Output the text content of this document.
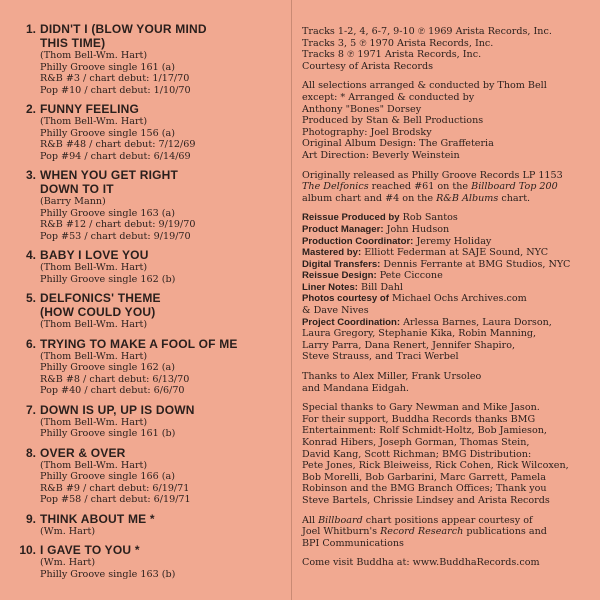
1. DIDN'T I (BLOW YOUR MIND
THIS TIME)
(Thom Bell-Wm. Hart)
Philly Groove single 161 (a)
R&B #3 / chart debut: 1/17/70
Pop #10 / chart debut: 1/10/70
2. FUNNY FEELING
(Thom Bell-Wm. Hart)
Philly Groove single 156 (a)
R&B #48 / chart debut: 7/12/69
Pop #94 / chart debut: 6/14/69
3. WHEN YOU GET RIGHT
DOWN TO IT
(Barry Mann)
Philly Groove single 163 (a)
R&B #12 / chart debut: 9/19/70
Pop #53 / chart debut: 9/19/70
4. BABY I LOVE YOU
(Thom Bell-Wm. Hart)
Philly Groove single 162 (b)
5. DELFONICS' THEME
(HOW COULD YOU)
(Thom Bell-Wm. Hart)
6. TRYING TO MAKE A FOOL OF ME
(Thom Bell-Wm. Hart)
Philly Groove single 162 (a)
R&B #8 / chart debut: 6/13/70
Pop #40 / chart debut: 6/6/70
7. DOWN IS UP, UP IS DOWN
(Thom Bell-Wm. Hart)
Philly Groove single 161 (b)
8. OVER & OVER
(Thom Bell-Wm. Hart)
Philly Groove single 166 (a)
R&B #9 / chart debut: 6/19/71
Pop #58 / chart debut: 6/19/71
9. THINK ABOUT ME *
(Wm. Hart)
10. I GAVE TO YOU *
(Wm. Hart)
Philly Groove single 163 (b)
Tracks 1-2, 4, 6-7, 9-10 ℗ 1969 Arista Records, Inc.
Tracks 3, 5 ℗ 1970 Arista Records, Inc.
Tracks 8 ℗ 1971 Arista Records, Inc.
Courtesy of Arista Records
All selections arranged & conducted by Thom Bell
except: * Arranged & conducted by
Anthony "Bones" Dorsey
Produced by Stan & Bell Productions
Photography: Joel Brodsky
Original Album Design: The Graffeteria
Art Direction: Beverly Weinstein
Originally released as Philly Groove Records LP 1153
The Delfonics reached #61 on the Billboard Top 200
album chart and #4 on the R&B Albums chart.
Reissue Produced by Rob Santos
Product Manager: John Hudson
Production Coordinator: Jeremy Holiday
Mastered by: Elliott Federman at SAJE Sound, NYC
Digital Transfers: Dennis Ferrante at BMG Studios, NYC
Reissue Design: Pete Ciccone
Liner Notes: Bill Dahl
Photos courtesy of Michael Ochs Archives.com
& Dave Nives
Project Coordination: Arlessa Barnes, Laura Dorson,
Laura Gregory, Stephanie Kika, Robin Manning,
Larry Parra, Dana Renert, Jennifer Shapiro,
Steve Strauss, and Traci Werbel
Thanks to Alex Miller, Frank Ursoleo
and Mandana Eidgah.
Special thanks to Gary Newman and Mike Jason.
For their support, Buddha Records thanks BMG
Entertainment: Rolf Schmidt-Holtz, Bob Jamieson,
Konrad Hibers, Joseph Gorman, Thomas Stein,
David Kang, Scott Richman; BMG Distribution:
Pete Jones, Rick Bleiweiss, Rick Cohen, Rick Wilcoxen,
Bob Morelli, Bob Garbarini, Marc Garrett, Pamela
Robinson and the BMG Branch Offices; Thank you
Steve Bartels, Chrissie Lindsey and Arista Records
All Billboard chart positions appear courtesy of
Joel Whitburn's Record Research publications and
BPI Communications
Come visit Buddha at: www.BuddhaRecords.com
